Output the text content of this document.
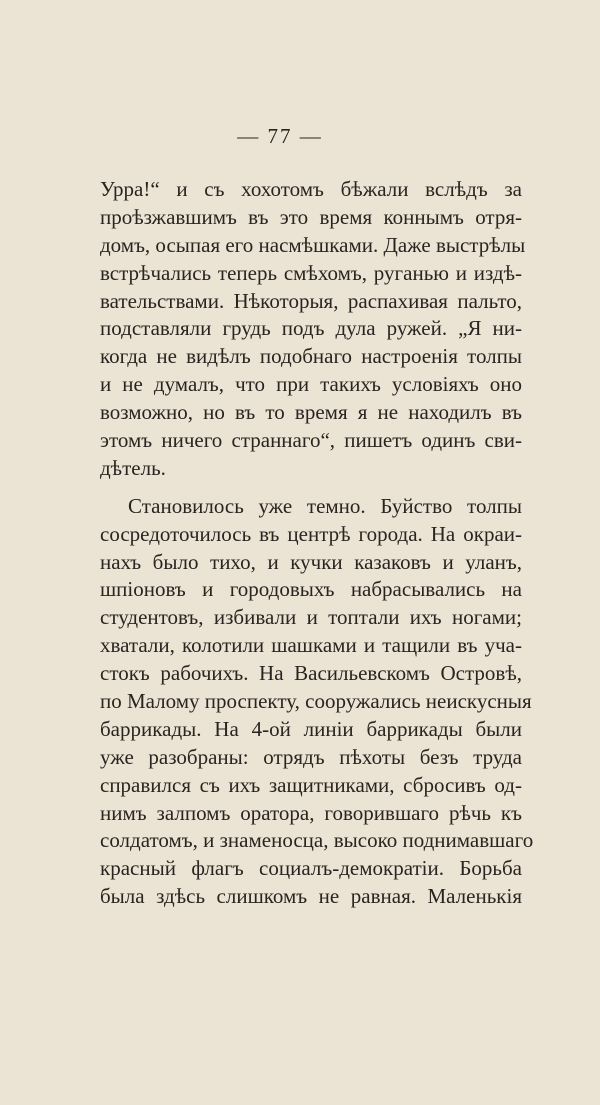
— 77 —
Урра!“ и съ хохотомъ бѣжали вслѣдъ за
проѣзжавшимъ въ это время коннымъ отря-
домъ, осыпая его насмѣшками. Даже выстрѣлы
встрѣчались теперь смѣхомъ, руганью и издѣ-
вательствами. Нѣкоторыя, распахивая пальто,
подставляли грудь подъ дула ружей. „Я ни-
когда не видѣлъ подобнаго настроенія толпы
и не думалъ, что при такихъ условіяхъ оно
возможно, но въ то время я не находилъ въ
этомъ ничего страннаго“, пишетъ одинъ сви-
дѣтель.
Становилось уже темно. Буйство толпы
сосредоточилось въ центрѣ города. На окраи-
нахъ было тихо, и кучки казаковъ и уланъ,
шпіоновъ и городовыхъ набрасывались на
студентовъ, избивали и топтали ихъ ногами;
хватали, колотили шашками и тащили въ уча-
стокъ рабочихъ. На Васильевскомъ Островѣ,
по Малому проспекту, сооружались неискусныя
баррикады. На 4-ой линіи баррикады были
уже разобраны: отрядъ пѣхоты безъ труда
справился съ ихъ защитниками, сбросивъ од-
нимъ залпомъ оратора, говорившаго рѣчь къ
солдатомъ, и знаменосца, высоко поднимавшаго
красный флагъ социалъ-демократіи. Борьба
была здѣсь слишкомъ не равная. Маленькія
